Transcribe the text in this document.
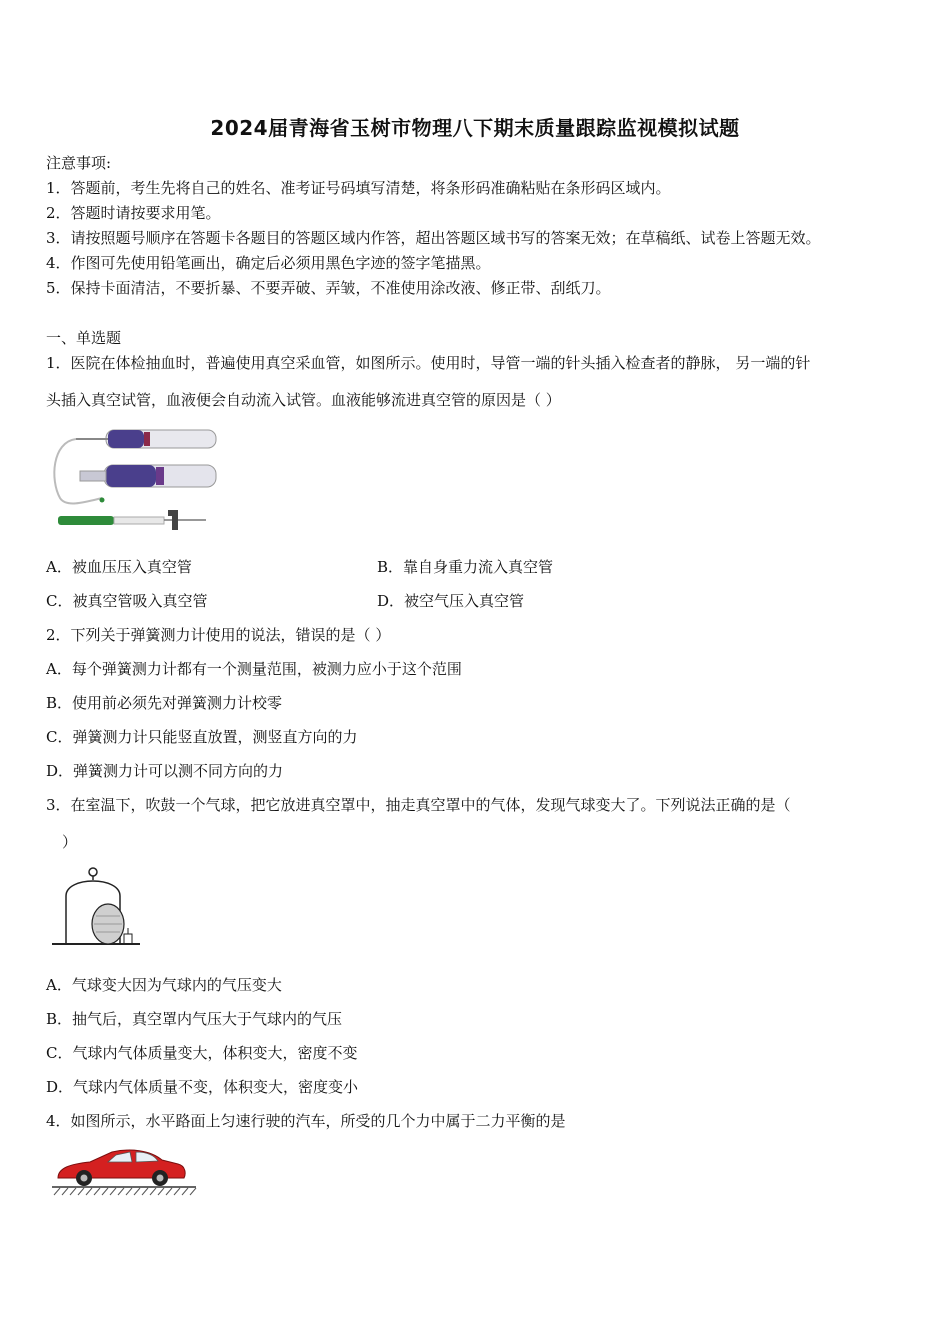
2024届青海省玉树市物理八下期末质量跟踪监视模拟试题
注意事项:
1．答题前，考生先将自己的姓名、准考证号码填写清楚，将条形码准确粘贴在条形码区域内。
2．答题时请按要求用笔。
3．请按照题号顺序在答题卡各题目的答题区域内作答，超出答题区域书写的答案无效；在草稿纸、试卷上答题无效。
4．作图可先使用铅笔画出，确定后必须用黑色字迹的签字笔描黑。
5．保持卡面清洁，不要折暴、不要弄破、弄皱，不准使用涂改液、修正带、刮纸刀。
一、单选题
1．医院在体检抽血时，普遍使用真空采血管，如图所示。使用时，导管一端的针头插入检查者的静脉， 另一端的针
头插入真空试管，血液便会自动流入试管。血液能够流进真空管的原因是（ ）
A．被血压压入真空管	B．靠自身重力流入真空管
C．被真空管吸入真空管	D．被空气压入真空管
2．下列关于弹簧测力计使用的说法，错误的是（ ）
A．每个弹簧测力计都有一个测量范围，被测力应小于这个范围
B．使用前必须先对弹簧测力计校零
C．弹簧测力计只能竖直放置，测竖直方向的力
D．弹簧测力计可以测不同方向的力
3．在室温下，吹鼓一个气球，把它放进真空罩中，抽走真空罩中的气体，发现气球变大了。下列说法正确的是（
）
A．气球变大因为气球内的气压变大
B．抽气后，真空罩内气压大于气球内的气压
C．气球内气体质量变大，体积变大，密度不变
D．气球内气体质量不变，体积变大，密度变小
4．如图所示，水平路面上匀速行驶的汽车，所受的几个力中属于二力平衡的是
